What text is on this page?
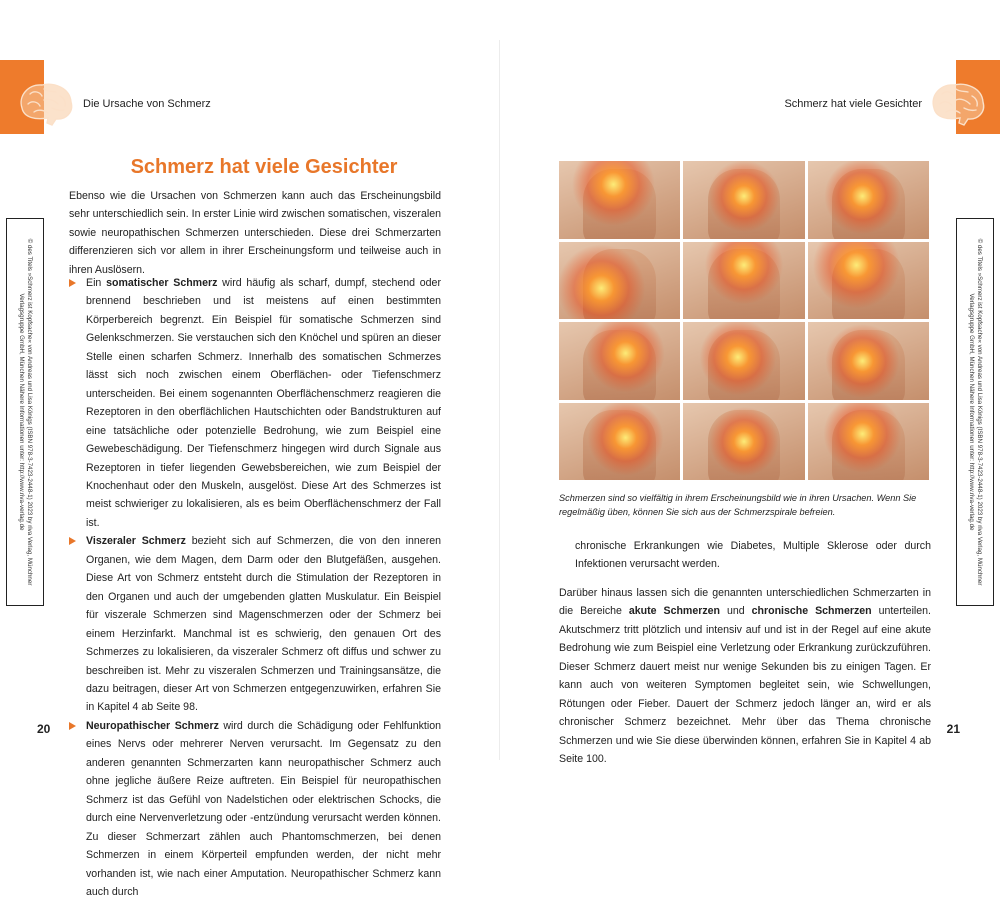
Die Ursache von Schmerz
© des Titels »Schmerz ist Kopfsache« von Andreas und Lisa Königs (ISBN 978-3-7423-2448-1) 2023 by riva Verlag, Münchner Verlagsgruppe GmbH, München Nähere Informationen unter: http://www.riva-verlag.de
Schmerz hat viele Gesichter

Ebenso wie die Ursachen von Schmerzen kann auch das Erscheinungsbild sehr unterschiedlich sein. In erster Linie wird zwischen somatischen, viszeralen sowie neuropathischen Schmerzen unterschieden. Diese drei Schmerzarten differenzieren sich vor allem in ihrer Erscheinungsform und teilweise auch in ihren Auslösern.

Ein somatischer Schmerz wird häufig als scharf, dumpf, stechend oder brennend beschrieben und ist meistens auf einen bestimmten Körperbereich begrenzt. Ein Beispiel für somatische Schmerzen sind Gelenkschmerzen. Sie verstauchen sich den Knöchel und spüren an dieser Stelle einen scharfen Schmerz. Innerhalb des somatischen Schmerzes lässt sich noch zwischen einem Oberflächen- oder Tiefenschmerz unterscheiden. Bei einem sogenannten Oberflächenschmerz reagieren die Rezeptoren in den oberflächlichen Hautschichten oder Bandstrukturen auf eine tatsächliche oder potenzielle Bedrohung, wie zum Beispiel eine Gewebeschädigung. Der Tiefenschmerz hingegen wird durch Signale aus Rezeptoren in tiefer liegenden Gewebsbereichen, wie zum Beispiel der Knochenhaut oder den Muskeln, ausgelöst. Diese Art des Schmerzes ist meist schwieriger zu lokalisieren, als es beim Oberflächenschmerz der Fall ist.

Viszeraler Schmerz bezieht sich auf Schmerzen, die von den inneren Organen, wie dem Magen, dem Darm oder den Blutgefäßen, ausgehen. Diese Art von Schmerz entsteht durch die Stimulation der Rezeptoren in den Organen und auch der umgebenden glatten Muskulatur. Ein Beispiel für viszerale Schmerzen sind Magenschmerzen oder der Schmerz bei einem Herzinfarkt. Manchmal ist es schwierig, den genauen Ort des Schmerzes zu lokalisieren, da viszeraler Schmerz oft diffus und schwer zu beschreiben ist. Mehr zu viszeralen Schmerzen und Trainingsansätze, die dazu beitragen, dieser Art von Schmerzen entgegenzuwirken, erfahren Sie in Kapitel 4 ab Seite 98.

Neuropathischer Schmerz wird durch die Schädigung oder Fehlfunktion eines Nervs oder mehrerer Nerven verursacht. Im Gegensatz zu den anderen genannten Schmerzarten kann neuropathischer Schmerz auch ohne jegliche äußere Reize auftreten. Ein Beispiel für neuropathischen Schmerz ist das Gefühl von Nadelstichen oder elektrischen Schocks, die durch eine Nervenverletzung oder -entzündung verursacht werden können. Zu dieser Schmerzart zählen auch Phantomschmerzen, bei denen Schmerzen in einem Körperteil empfunden werden, der nicht mehr vorhanden ist, wie nach einer Amputation. Neuropathischer Schmerz kann auch durch

20
Schmerz hat viele Gesichter
© des Titels »Schmerz ist Kopfsache« von Andreas und Lisa Königs (ISBN 978-3-7423-2448-1) 2023 by riva Verlag, Münchner Verlagsgruppe GmbH, München Nähere Informationen unter: http://www.riva-verlag.de
21

Schmerzen sind so vielfältig in ihrem Erscheinungsbild wie in ihren Ursachen. Wenn Sie regelmäßig üben, können Sie sich aus der Schmerzspirale befreien.

chronische Erkrankungen wie Diabetes, Multiple Sklerose oder durch Infektionen verursacht werden.

Darüber hinaus lassen sich die genannten unterschiedlichen Schmerzarten in die Bereiche akute Schmerzen und chronische Schmerzen unterteilen. Akutschmerz tritt plötzlich und intensiv auf und ist in der Regel auf eine akute Bedrohung wie zum Beispiel eine Verletzung oder Erkrankung zurückzuführen. Dieser Schmerz dauert meist nur wenige Sekunden bis zu einigen Tagen. Er kann auch von weiteren Symptomen begleitet sein, wie Schwellungen, Rötungen oder Fieber. Dauert der Schmerz jedoch länger an, wird er als chronischer Schmerz bezeichnet. Mehr über das Thema chronische Schmerzen und wie Sie diese überwinden können, erfahren Sie in Kapitel 4 ab Seite 100.
